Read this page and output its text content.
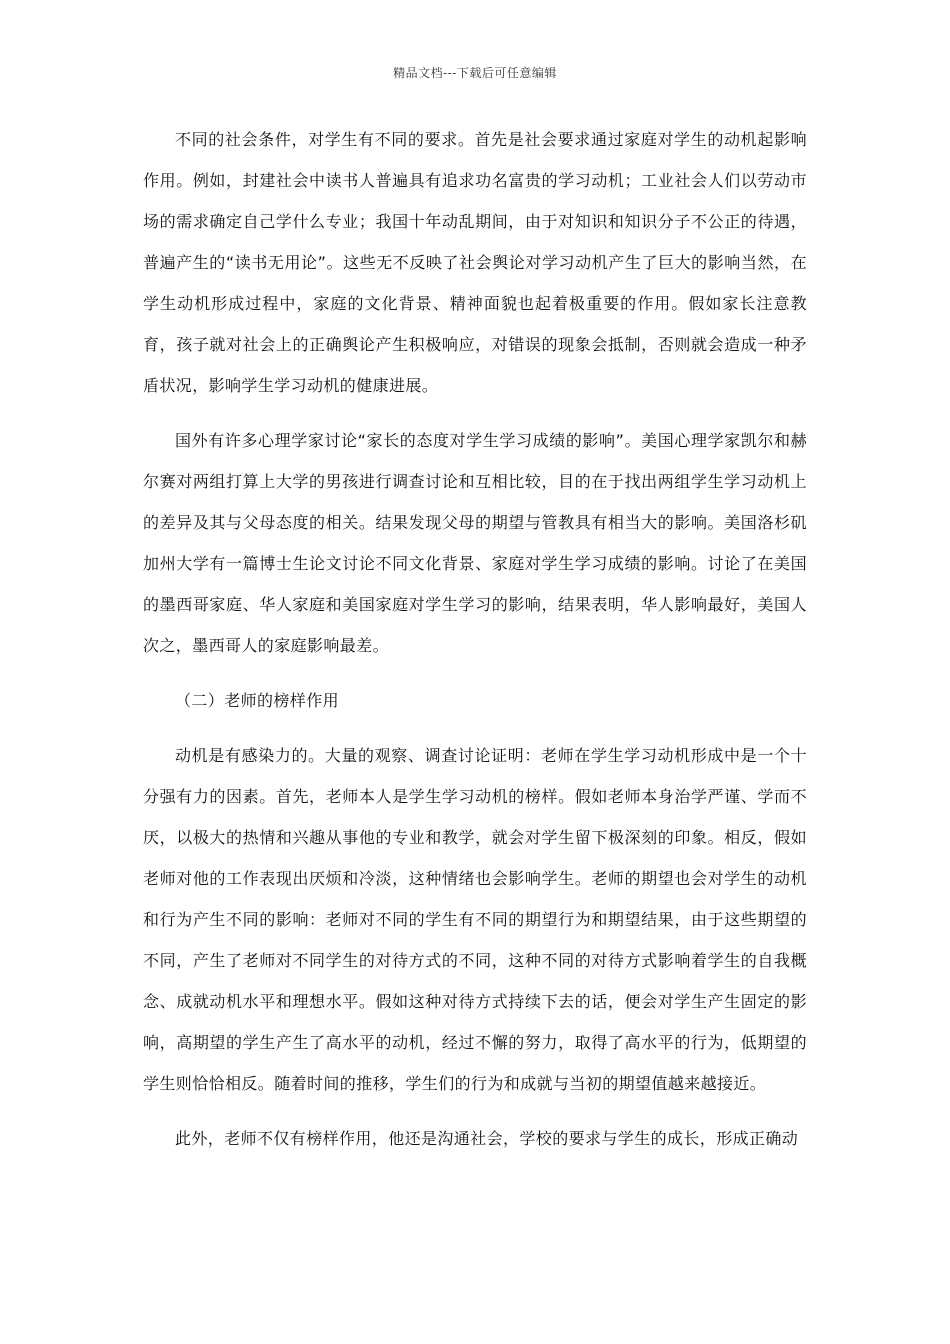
精品文档---下载后可任意编辑

不同的社会条件，对学生有不同的要求。首先是社会要求通过家庭对学生的动机起影响作用。例如，封建社会中读书人普遍具有追求功名富贵的学习动机；工业社会人们以劳动市场的需求确定自己学什么专业；我国十年动乱期间，由于对知识和知识分子不公正的待遇，普遍产生的“读书无用论”。这些无不反映了社会舆论对学习动机产生了巨大的影响当然，在学生动机形成过程中，家庭的文化背景、精神面貌也起着极重要的作用。假如家长注意教育，孩子就对社会上的正确舆论产生积极响应，对错误的现象会抵制，否则就会造成一种矛盾状况，影响学生学习动机的健康进展。

国外有许多心理学家讨论“家长的态度对学生学习成绩的影响”。美国心理学家凯尔和赫尔赛对两组打算上大学的男孩进行调查讨论和互相比较，目的在于找出两组学生学习动机上的差异及其与父母态度的相关。结果发现父母的期望与管教具有相当大的影响。美国洛杉矶加州大学有一篇博士生论文讨论不同文化背景、家庭对学生学习成绩的影响。讨论了在美国的墨西哥家庭、华人家庭和美国家庭对学生学习的影响，结果表明，华人影响最好，美国人次之，墨西哥人的家庭影响最差。

（二）老师的榜样作用

动机是有感染力的。大量的观察、调查讨论证明：老师在学生学习动机形成中是一个十分强有力的因素。首先，老师本人是学生学习动机的榜样。假如老师本身治学严谨、学而不厌，以极大的热情和兴趣从事他的专业和教学，就会对学生留下极深刻的印象。相反，假如老师对他的工作表现出厌烦和冷淡，这种情绪也会影响学生。老师的期望也会对学生的动机和行为产生不同的影响：老师对不同的学生有不同的期望行为和期望结果，由于这些期望的不同，产生了老师对不同学生的对待方式的不同，这种不同的对待方式影响着学生的自我概念、成就动机水平和理想水平。假如这种对待方式持续下去的话，便会对学生产生固定的影响，高期望的学生产生了高水平的动机，经过不懈的努力，取得了高水平的行为，低期望的学生则恰恰相反。随着时间的推移，学生们的行为和成就与当初的期望值越来越接近。

此外，老师不仅有榜样作用，他还是沟通社会，学校的要求与学生的成长，形成正确动
